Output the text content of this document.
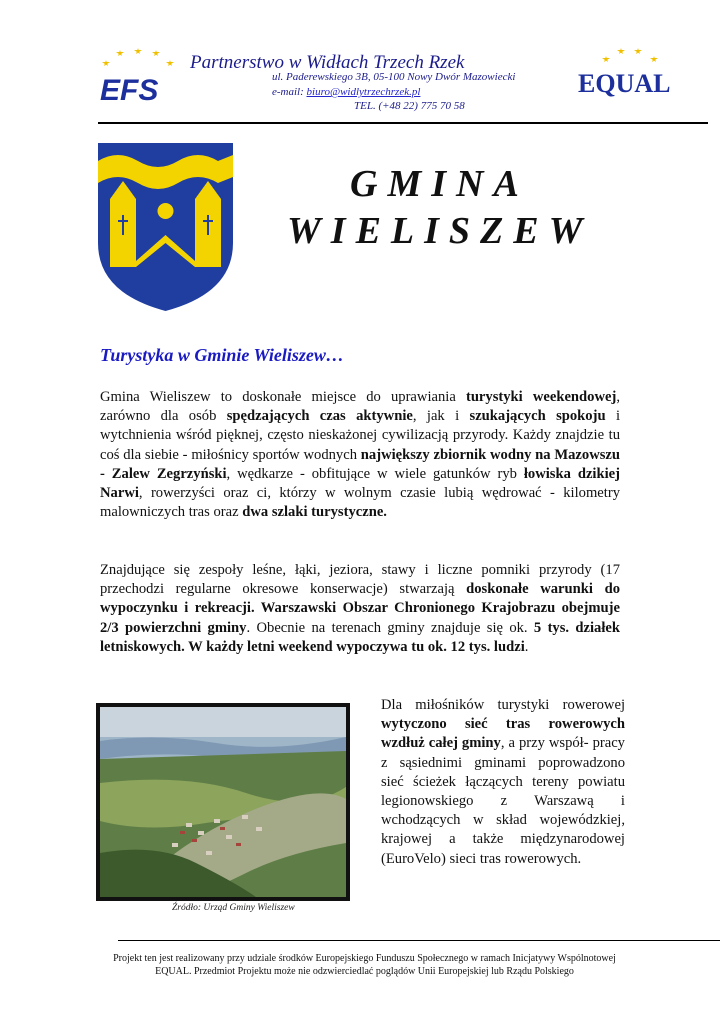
EFS
Partnerstwo w Widłach Trzech Rzek
ul. Paderewskiego 3B, 05-100 Nowy Dwór Mazowiecki
e-mail: biuro@widlytrzechrzek.pl
TEL. (+48 22) 775 70 58
EQUAL
GMINA
WIELISZEW
Turystyka w Gminie Wieliszew…
Gmina Wieliszew to doskonałe miejsce do uprawiania turystyki weekendowej, zarówno dla osób spędzających czas aktywnie, jak i szukających spokoju i wytchnienia wśród pięknej, często nieskażonej cywilizacją przyrody. Każdy znajdzie tu coś dla siebie - miłośnicy sportów wodnych największy zbiornik wodny na Mazowszu - Zalew Zegrzyński, wędkarze - obfitujące w wiele gatunków ryb łowiska dzikiej Narwi, rowerzyści oraz ci, którzy w wolnym czasie lubią wędrować - kilometry malowniczych tras oraz dwa szlaki turystyczne.
Znajdujące się zespoły leśne, łąki, jeziora, stawy i liczne pomniki przyrody (17 przechodzi regularne okresowe konserwacje) stwarzają doskonałe warunki do wypoczynku i rekreacji. Warszawski Obszar Chronionego Krajobrazu obejmuje 2/3 powierzchni gminy. Obecnie na terenach gminy znajduje się ok. 5 tys. działek letniskowych. W każdy letni weekend wypoczywa tu ok. 12 tys. ludzi.
Źródło: Urząd Gminy Wieliszew
Dla miłośników turystyki rowerowej wytyczono sieć tras rowerowych wzdłuż całej gminy, a przy współ- pracy z sąsiednimi gminami poprowadzono sieć ścieżek łączących tereny powiatu legionowskiego z Warszawą i wchodzących w skład wojewódzkiej, krajowej a także międzynarodowej (EuroVelo) sieci tras rowerowych.
Projekt ten jest realizowany przy udziale środków Europejskiego Funduszu Społecznego w ramach Inicjatywy Wspólnotowej EQUAL. Przedmiot Projektu może nie odzwierciedlać poglądów Unii Europejskiej lub Rządu Polskiego
